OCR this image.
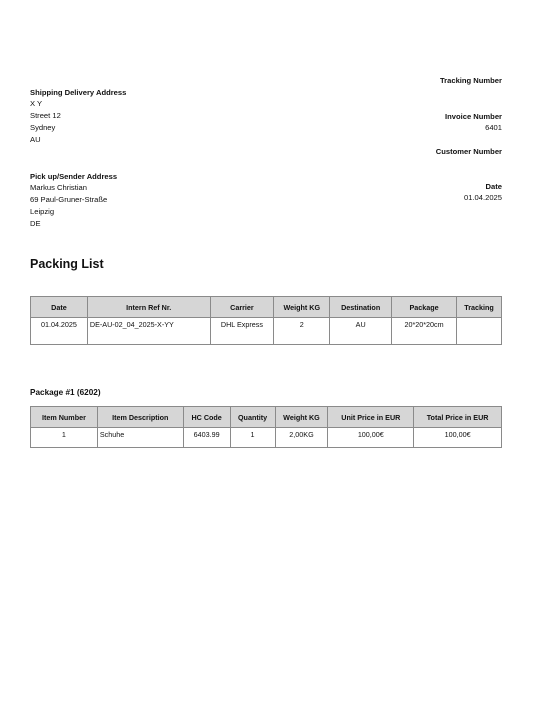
Tracking Number
Invoice Number
6401
Customer Number
Date
01.04.2025
Shipping Delivery Address
X Y
Street 12
Sydney
AU
Pick up/Sender Address
Markus Christian
69 Paul-Gruner-Straße
Leipzig
DE
Packing List
Date	Intern Ref Nr.	Carrier	Weight KG	Destination	Package	Tracking
01.04.2025	DE-AU-02_04_2025-X-YY	DHL Express	2	AU	20*20*20cm	
Package #1 (6202)
Item Number	Item Description	HC Code	Quantity	Weight KG	Unit Price in EUR	Total Price in EUR
1	Schuhe	6403.99	1	2,00KG	100,00€	100,00€
